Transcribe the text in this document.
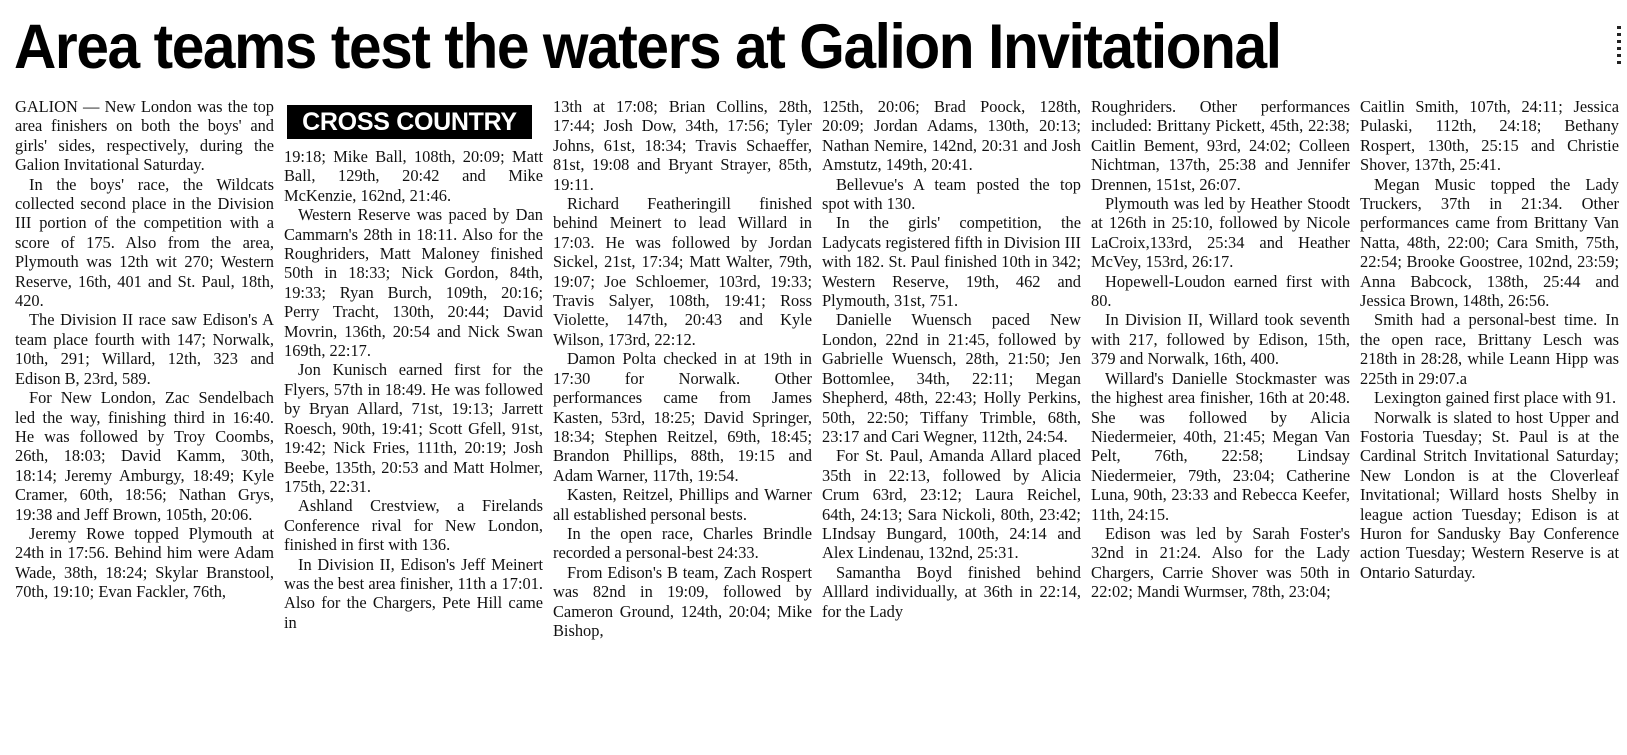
Area teams test the waters at Galion Invitational

GALION — New London was the top area finishers on both the boys' and girls' sides, respectively, during the Galion Invitational Saturday.

In the boys' race, the Wildcats collected second place in the Division III portion of the competition with a score of 175. Also from the area, Plymouth was 12th wit 270; Western Reserve, 16th, 401 and St. Paul, 18th, 420.

The Division II race saw Edison's A team place fourth with 147; Norwalk, 10th, 291; Willard, 12th, 323 and Edison B, 23rd, 589.

For New London, Zac Sendelbach led the way, finishing third in 16:40. He was followed by Troy Coombs, 26th, 18:03; David Kamm, 30th, 18:14; Jeremy Amburgy, 18:49; Kyle Cramer, 60th, 18:56; Nathan Grys, 19:38 and Jeff Brown, 105th, 20:06.

Jeremy Rowe topped Plymouth at 24th in 17:56. Behind him were Adam Wade, 38th, 18:24; Skylar Branstool, 70th, 19:10; Evan Fackler, 76th,

CROSS COUNTRY

19:18; Mike Ball, 108th, 20:09; Matt Ball, 129th, 20:42 and Mike McKenzie, 162nd, 21:46.

Western Reserve was paced by Dan Cammarn's 28th in 18:11. Also for the Roughriders, Matt Maloney finished 50th in 18:33; Nick Gordon, 84th, 19:33; Ryan Burch, 109th, 20:16; Perry Tracht, 130th, 20:44; David Movrin, 136th, 20:54 and Nick Swan 169th, 22:17.

Jon Kunisch earned first for the Flyers, 57th in 18:49. He was followed by Bryan Allard, 71st, 19:13; Jarrett Roesch, 90th, 19:41; Scott Gfell, 91st, 19:42; Nick Fries, 111th, 20:19; Josh Beebe, 135th, 20:53 and Matt Holmer, 175th, 22:31.

Ashland Crestview, a Firelands Conference rival for New London, finished in first with 136.

In Division II, Edison's Jeff Meinert was the best area finisher, 11th a 17:01. Also for the Chargers, Pete Hill came in

13th at 17:08; Brian Collins, 28th, 17:44; Josh Dow, 34th, 17:56; Tyler Johns, 61st, 18:34; Travis Schaeffer, 81st, 19:08 and Bryant Strayer, 85th, 19:11.

Richard Featheringill finished behind Meinert to lead Willard in 17:03. He was followed by Jordan Sickel, 21st, 17:34; Matt Walter, 79th, 19:07; Joe Schloemer, 103rd, 19:33; Travis Salyer, 108th, 19:41; Ross Violette, 147th, 20:43 and Kyle Wilson, 173rd, 22:12.

Damon Polta checked in at 19th in 17:30 for Norwalk. Other performances came from James Kasten, 53rd, 18:25; David Springer, 18:34; Stephen Reitzel, 69th, 18:45; Brandon Phillips, 88th, 19:15 and Adam Warner, 117th, 19:54.

Kasten, Reitzel, Phillips and Warner all established personal bests.

In the open race, Charles Brindle recorded a personal-best 24:33.

From Edison's B team, Zach Rospert was 82nd in 19:09, followed by Cameron Ground, 124th, 20:04; Mike Bishop,

125th, 20:06; Brad Poock, 128th, 20:09; Jordan Adams, 130th, 20:13; Nathan Nemire, 142nd, 20:31 and Josh Amstutz, 149th, 20:41.

Bellevue's A team posted the top spot with 130.

In the girls' competition, the Ladycats registered fifth in Division III with 182. St. Paul finished 10th in 342; Western Reserve, 19th, 462 and Plymouth, 31st, 751.

Danielle Wuensch paced New London, 22nd in 21:45, followed by Gabrielle Wuensch, 28th, 21:50; Jen Bottomlee, 34th, 22:11; Megan Shepherd, 48th, 22:43; Holly Perkins, 50th, 22:50; Tiffany Trimble, 68th, 23:17 and Cari Wegner, 112th, 24:54.

For St. Paul, Amanda Allard placed 35th in 22:13, followed by Alicia Crum 63rd, 23:12; Laura Reichel, 64th, 24:13; Sara Nickoli, 80th, 23:42; LIndsay Bungard, 100th, 24:14 and Alex Lindenau, 132nd, 25:31.

Samantha Boyd finished behind Alllard individually, at 36th in 22:14, for the Lady

Roughriders. Other performances included: Brittany Pickett, 45th, 22:38; Caitlin Bement, 93rd, 24:02; Colleen Nichtman, 137th, 25:38 and Jennifer Drennen, 151st, 26:07.

Plymouth was led by Heather Stoodt at 126th in 25:10, followed by Nicole LaCroix,133rd, 25:34 and Heather McVey, 153rd, 26:17.

Hopewell-Loudon earned first with 80.

In Division II, Willard took seventh with 217, followed by Edison, 15th, 379 and Norwalk, 16th, 400.

Willard's Danielle Stockmaster was the highest area finisher, 16th at 20:48. She was followed by Alicia Niedermeier, 40th, 21:45; Megan Van Pelt, 76th, 22:58; Lindsay Niedermeier, 79th, 23:04; Catherine Luna, 90th, 23:33 and Rebecca Keefer, 11th, 24:15.

Edison was led by Sarah Foster's 32nd in 21:24. Also for the Lady Chargers, Carrie Shover was 50th in 22:02; Mandi Wurmser, 78th, 23:04;

Caitlin Smith, 107th, 24:11; Jessica Pulaski, 112th, 24:18; Bethany Rospert, 130th, 25:15 and Christie Shover, 137th, 25:41.

Megan Music topped the Lady Truckers, 37th in 21:34. Other performances came from Brittany Van Natta, 48th, 22:00; Cara Smith, 75th, 22:54; Brooke Goostree, 102nd, 23:59; Anna Babcock, 138th, 25:44 and Jessica Brown, 148th, 26:56.

Smith had a personal-best time. In the open race, Brittany Lesch was 218th in 28:28, while Leann Hipp was 225th in 29:07.a

Lexington gained first place with 91.

Norwalk is slated to host Upper and Fostoria Tuesday; St. Paul is at the Cardinal Stritch Invitational Saturday; New London is at the Cloverleaf Invitational; Willard hosts Shelby in league action Tuesday; Edison is at Huron for Sandusky Bay Conference action Tuesday; Western Reserve is at Ontario Saturday.
